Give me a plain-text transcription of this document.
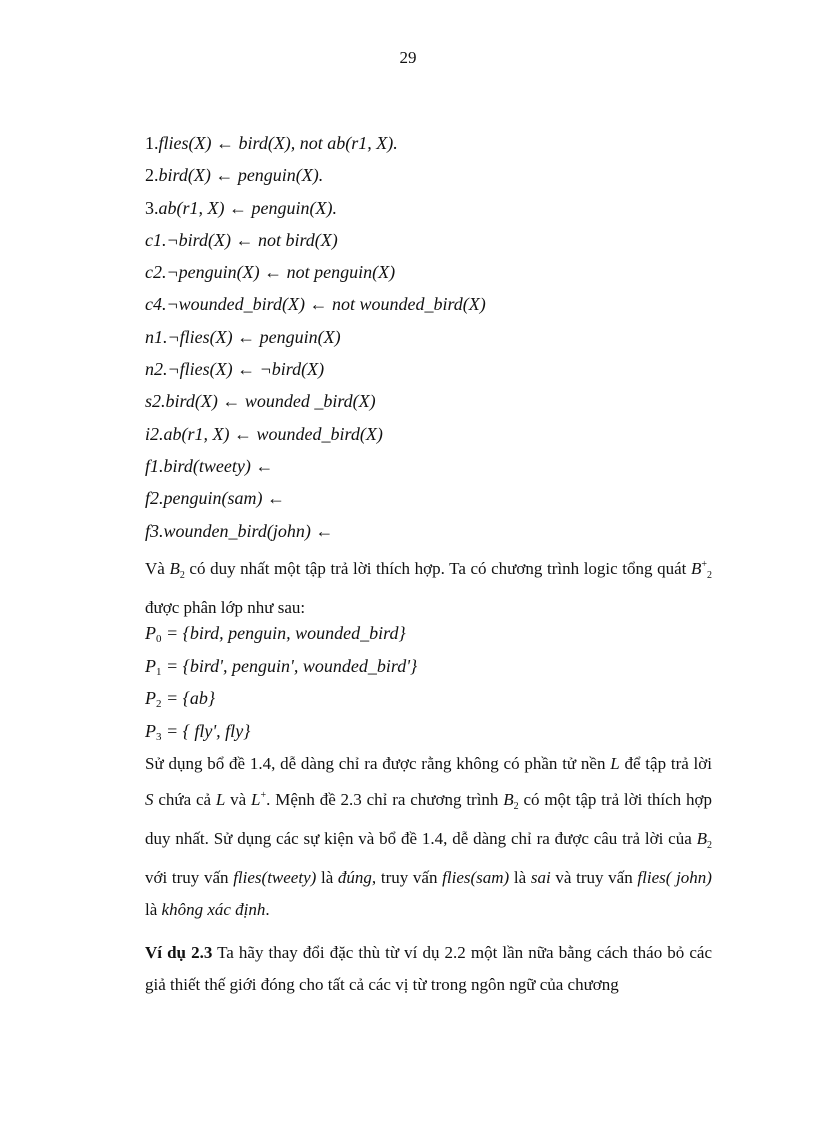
29
1.flies(X) ← bird(X), not ab(r1, X).
2.bird(X) ← penguin(X).
3.ab(r1, X) ← penguin(X).
c1.¬bird(X) ← not bird(X)
c2.¬penguin(X) ← not penguin(X)
c4.¬wounded_bird(X) ← not wounded_bird(X)
n1.¬flies(X) ← penguin(X)
n2.¬flies(X) ← ¬bird(X)
s2.bird(X) ← wounded _bird(X)
i2.ab(r1, X) ← wounded_bird(X)
f1.bird(tweety) ←
f2.penguin(sam) ←
f3.wounden_bird(john) ←

Và $B_2$ có duy nhất một tập trả lời thích hợp. Ta có chương trình logic tổng quát $B^+_2$ được phân lớp như sau:

$P_0$ = {bird, penguin, wounded_bird}
$P_1$ = {bird', penguin', wounded_bird'}
$P_2 = \{ab\}$
$P_3$ = { fly', fly}

Sử dụng bổ đề 1.4, dễ dàng chỉ ra được rằng không có phần tử nền L để tập trả lời S chứa cả L và L+. Mệnh đề 2.3 chỉ ra chương trình $B_2$ có một tập trả lời thích hợp duy nhất. Sử dụng các sự kiện và bổ đề 1.4, dễ dàng chỉ ra được câu trả lời của $B_2$ với truy vấn flies(tweety) là đúng, truy vấn flies(sam) là sai và truy vấn flies( john) là không xác định.

Ví dụ 2.3 Ta hãy thay đổi đặc thù từ ví dụ 2.2 một lần nữa bằng cách tháo bỏ các giả thiết thế giới đóng cho tất cả các vị từ trong ngôn ngữ của chương
